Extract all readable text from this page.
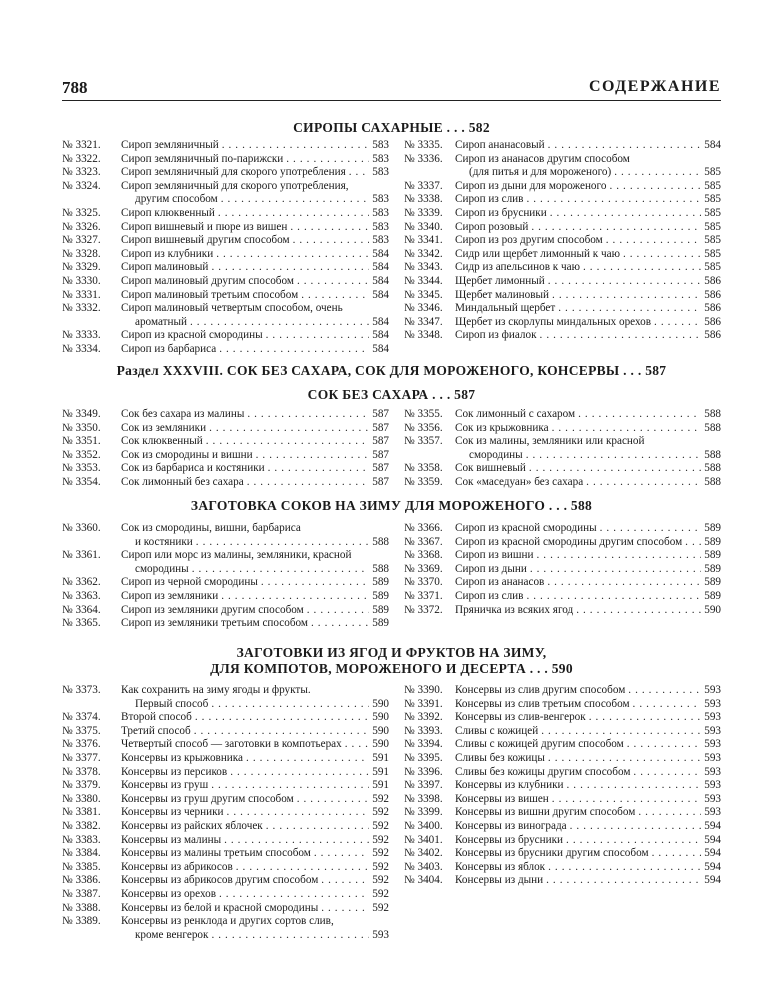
788	СОДЕРЖАНИЕ
СИРОПЫ САХАРНЫЕ . . . 582
№ 3321.	Сироп земляничный . . .	583
№ 3322.	Сироп земляничный по-парижски . . .	583
№ 3323.	Сироп земляничный для скорого употребления . . . 583
№ 3324.	Сироп земляничный для скорого употребления,
другим способом . . .	583
№ 3325.	Сироп клюквенный . . .	583
№ 3326.	Сироп вишневый и пюре из вишен . . .	583
№ 3327.	Сироп вишневый другим способом . . .	583
№ 3328.	Сироп из клубники . . .	584
№ 3329.	Сироп малиновый . . .	584
№ 3330.	Сироп малиновый другим способом . . .	584
№ 3331.	Сироп малиновый третьим способом . . .	584
№ 3332.	Сироп малиновый четвертым способом, очень
ароматный . . .	584
№ 3333.	Сироп из красной смородины . . .	584
№ 3334.	Сироп из барбариса . . .	584
№ 3335.	Сироп ананасовый . . .	584
№ 3336.	Сироп из ананасов другим способом
(для питья и для мороженого) . . .	585
№ 3337.	Сироп из дыни для мороженого . . .	585
№ 3338.	Сироп из слив . . .	585
№ 3339.	Сироп из брусники . . .	585
№ 3340.	Сироп розовый . . .	585
№ 3341.	Сироп из роз другим способом . . .	585
№ 3342.	Сидр или щербет лимонный к чаю . . .	585
№ 3343.	Сидр из апельсинов к чаю . . .	585
№ 3344.	Щербет лимонный . . .	586
№ 3345.	Щербет малиновый . . .	586
№ 3346.	Миндальный щербет . . .	586
№ 3347.	Щербет из скорлупы миндальных орехов . . .	586
№ 3348.	Сироп из фиалок . . .	586
СОК БЕЗ САХАРА . . . 587
№ 3349.	Сок без сахара из малины . . .	587
№ 3350.	Сок из земляники . . .	587
№ 3351.	Сок клюквенный . . .	587
№ 3352.	Сок из смородины и вишни . . .	587
№ 3353.	Сок из барбариса и костяники . . .	587
№ 3354.	Сок лимонный без сахара . . .	587
№ 3355.	Сок лимонный с сахаром . . .	588
№ 3356.	Сок из крыжовника . . .	588
№ 3357.	Сок из малины, земляники или красной
смородины . . .	588
№ 3358.	Сок вишневый . . .	588
№ 3359.	Сок «маседуан» без сахара . . .	588
ЗАГОТОВКА СОКОВ НА ЗИМУ ДЛЯ МОРОЖЕНОГО . . . 588
№ 3360.	Сок из смородины, вишни, барбариса
и костяники . . .	588
№ 3361.	Сироп или морс из малины, земляники, красной
смородины . . .	588
№ 3362.	Сироп из черной смородины . . .	589
№ 3363.	Сироп из земляники . . .	589
№ 3364.	Сироп из земляники другим способом . . .	589
№ 3365.	Сироп из земляники третьим способом . . .	589
№ 3366.	Сироп из красной смородины . . .	589
№ 3367.	Сироп из красной смородины другим способом . . . 589
№ 3368.	Сироп из вишни . . .	589
№ 3369.	Сироп из дыни . . .	589
№ 3370.	Сироп из ананасов . . .	589
№ 3371.	Сироп из слив . . .	589
№ 3372.	Пряничка из всяких ягод . . .	590
ЗАГОТОВКИ ИЗ ЯГОД И ФРУКТОВ НА ЗИМУ,
ДЛЯ КОМПОТОВ, МОРОЖЕНОГО И ДЕСЕРТА . . . 590
№ 3373.	Как сохранить на зиму ягоды и фрукты.
Первый способ . . .	590
№ 3374.	Второй способ . . .	590
№ 3375.	Третий способ . . .	590
№ 3376.	Четвертый способ — заготовки в компотьерах . . .	590
№ 3377.	Консервы из крыжовника . . .	591
№ 3378.	Консервы из персиков . . .	591
№ 3379.	Консервы из груш . . .	591
№ 3380.	Консервы из груш другим способом . . .	592
№ 3381.	Консервы из черники . . .	592
№ 3382.	Консервы из райских яблочек . . .	592
№ 3383.	Консервы из малины . . .	592
№ 3384.	Консервы из малины третьим способом . . .	592
№ 3385.	Консервы из абрикосов . . .	592
№ 3386.	Консервы из абрикосов другим способом . . .	592
№ 3387.	Консервы из орехов . . .	592
№ 3388.	Консервы из белой и красной смородины . . .	592
№ 3389.	Консервы из ренклода и других сортов слив,
кроме венгерок . . .	593
№ 3390.	Консервы из слив другим способом . . .	593
№ 3391.	Консервы из слив третьим способом . . .	593
№ 3392.	Консервы из слив-венгерок . . .	593
№ 3393.	Сливы с кожицей . . .	593
№ 3394.	Сливы с кожицей другим способом . . .	593
№ 3395.	Сливы без кожицы . . .	593
№ 3396.	Сливы без кожицы другим способом . . .	593
№ 3397.	Консервы из клубники . . .	593
№ 3398.	Консервы из вишен . . .	593
№ 3399.	Консервы из вишни другим способом . . .	593
№ 3400.	Консервы из винограда . . .	594
№ 3401.	Консервы из брусники . . .	594
№ 3402.	Консервы из брусники другим способом . . .	594
№ 3403.	Консервы из яблок . . .	594
№ 3404.	Консервы из дыни . . .	594
Раздел XXXVIII. СОК БЕЗ САХАРА, СОК ДЛЯ МОРОЖЕНОГО, КОНСЕРВЫ . . . 587
